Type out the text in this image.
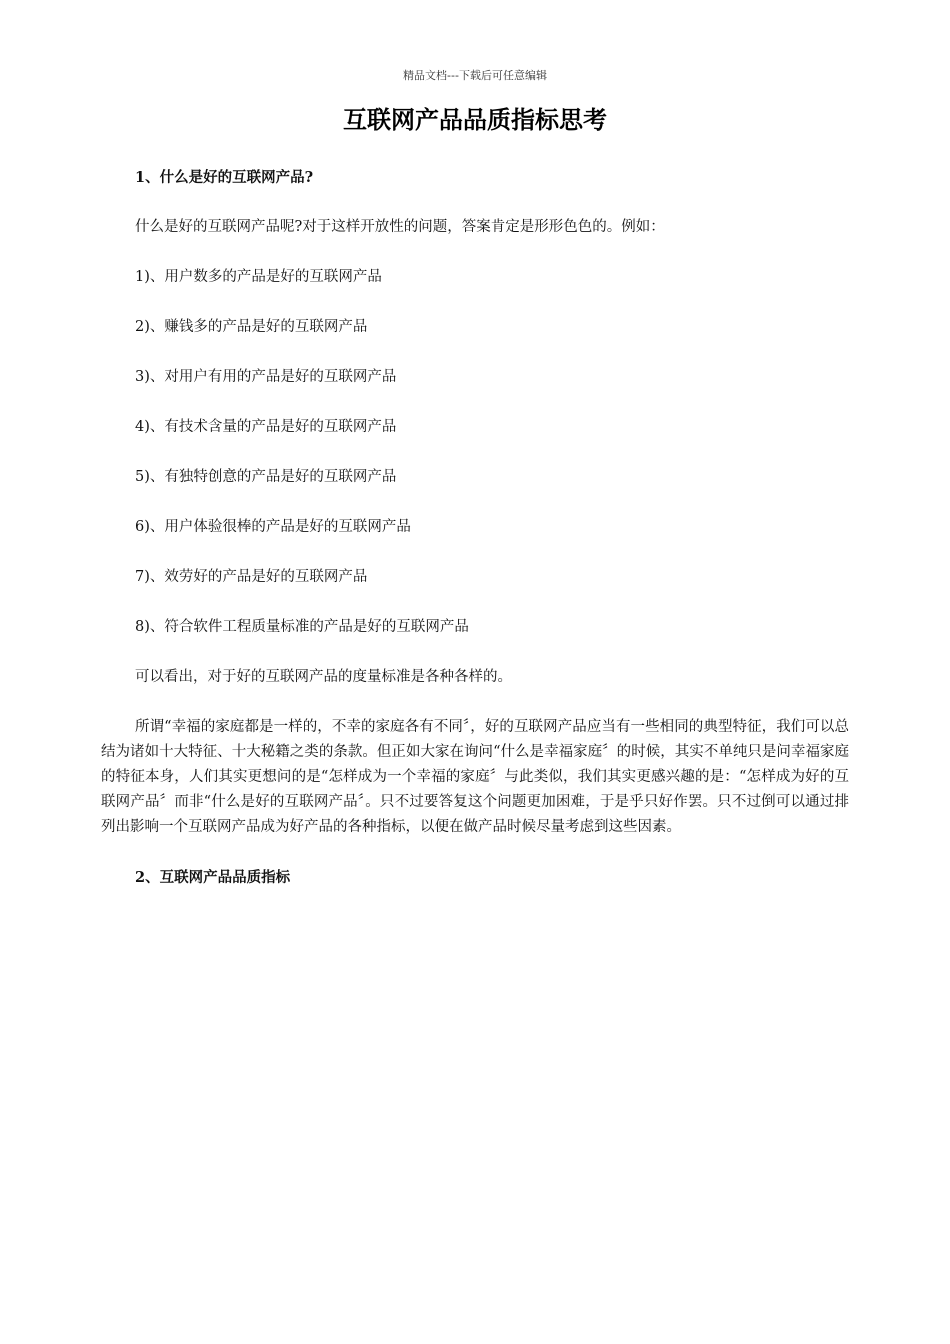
精品文档---下载后可任意编辑
互联网产品品质指标思考

1、什么是好的互联网产品?

什么是好的互联网产品呢?对于这样开放性的问题，答案肯定是形形色色的。例如：

1)、用户数多的产品是好的互联网产品

2)、赚钱多的产品是好的互联网产品

3)、对用户有用的产品是好的互联网产品

4)、有技术含量的产品是好的互联网产品

5)、有独特创意的产品是好的互联网产品

6)、用户体验很棒的产品是好的互联网产品

7)、效劳好的产品是好的互联网产品

8)、符合软件工程质量标准的产品是好的互联网产品

可以看出，对于好的互联网产品的度量标准是各种各样的。

所谓“幸福的家庭都是一样的，不幸的家庭各有不同〞，好的互联网产品应当有一些相同的典型特征，我们可以总结为诸如十大特征、十大秘籍之类的条款。但正如大家在询问“什么是幸福家庭〞的时候，其实不单纯只是问幸福家庭的特征本身，人们其实更想问的是“怎样成为一个幸福的家庭〞与此类似，我们其实更感兴趣的是：“怎样成为好的互联网产品〞而非“什么是好的互联网产品〞。只不过要答复这个问题更加困难，于是乎只好作罢。只不过倒可以通过排列出影响一个互联网产品成为好产品的各种指标，以便在做产品时候尽量考虑到这些因素。

2、互联网产品品质指标
